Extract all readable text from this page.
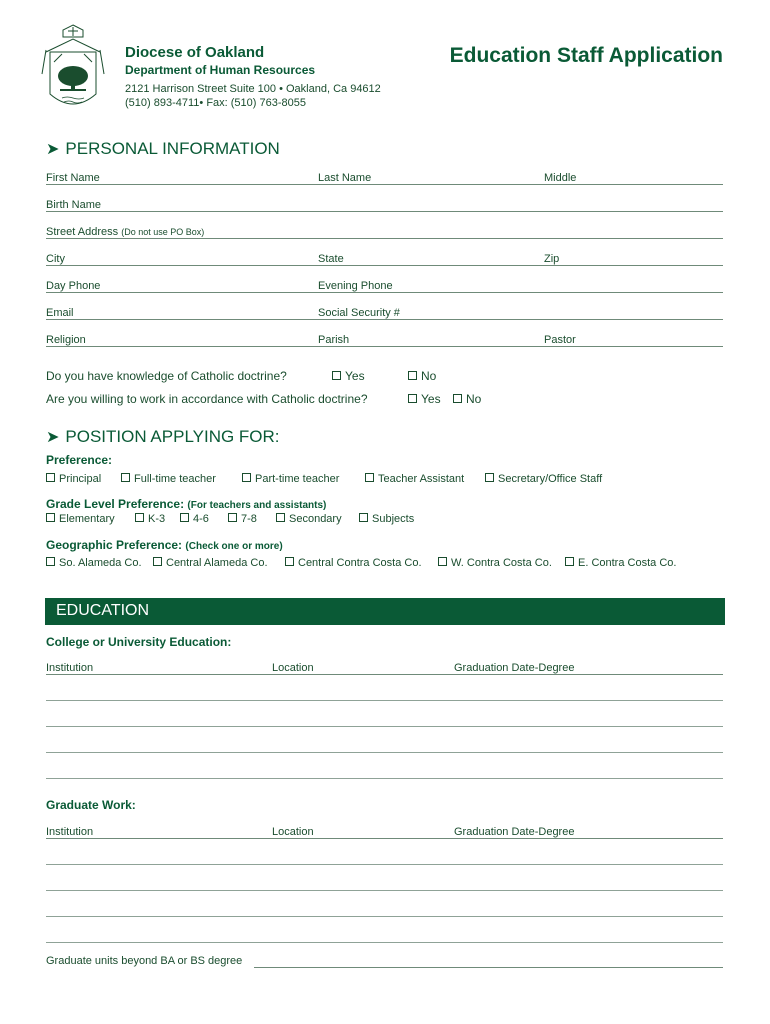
Diocese of Oakland
Department of Human Resources
2121 Harrison Street Suite 100 • Oakland, Ca 94612
(510) 893-4711• Fax: (510) 763-8055
Education Staff Application
➤ PERSONAL INFORMATION
First Name	Last Name	Middle
Birth Name
Street Address (Do not use PO Box)
City	State	Zip
Day Phone	Evening Phone
Email	Social Security #
Religion	Parish	Pastor
Do you have knowledge of Catholic doctrine?	Yes	No
Are you willing to work in accordance with Catholic doctrine?	Yes	No
➤ POSITION APPLYING FOR:
Preference:
Principal	Full-time teacher	Part-time teacher	Teacher Assistant	Secretary/Office Staff
Grade Level Preference: (For teachers and assistants)
Elementary	K-3	4-6	7-8	Secondary	Subjects
Geographic Preference: (Check one or more)
So. Alameda Co.	Central Alameda Co.	Central Contra Costa Co.	W. Contra Costa Co.	E. Contra Costa Co.
EDUCATION
College or University Education:
Institution	Location	Graduation Date-Degree
Graduate Work:
Institution	Location	Graduation Date-Degree
Graduate units beyond BA or BS degree
